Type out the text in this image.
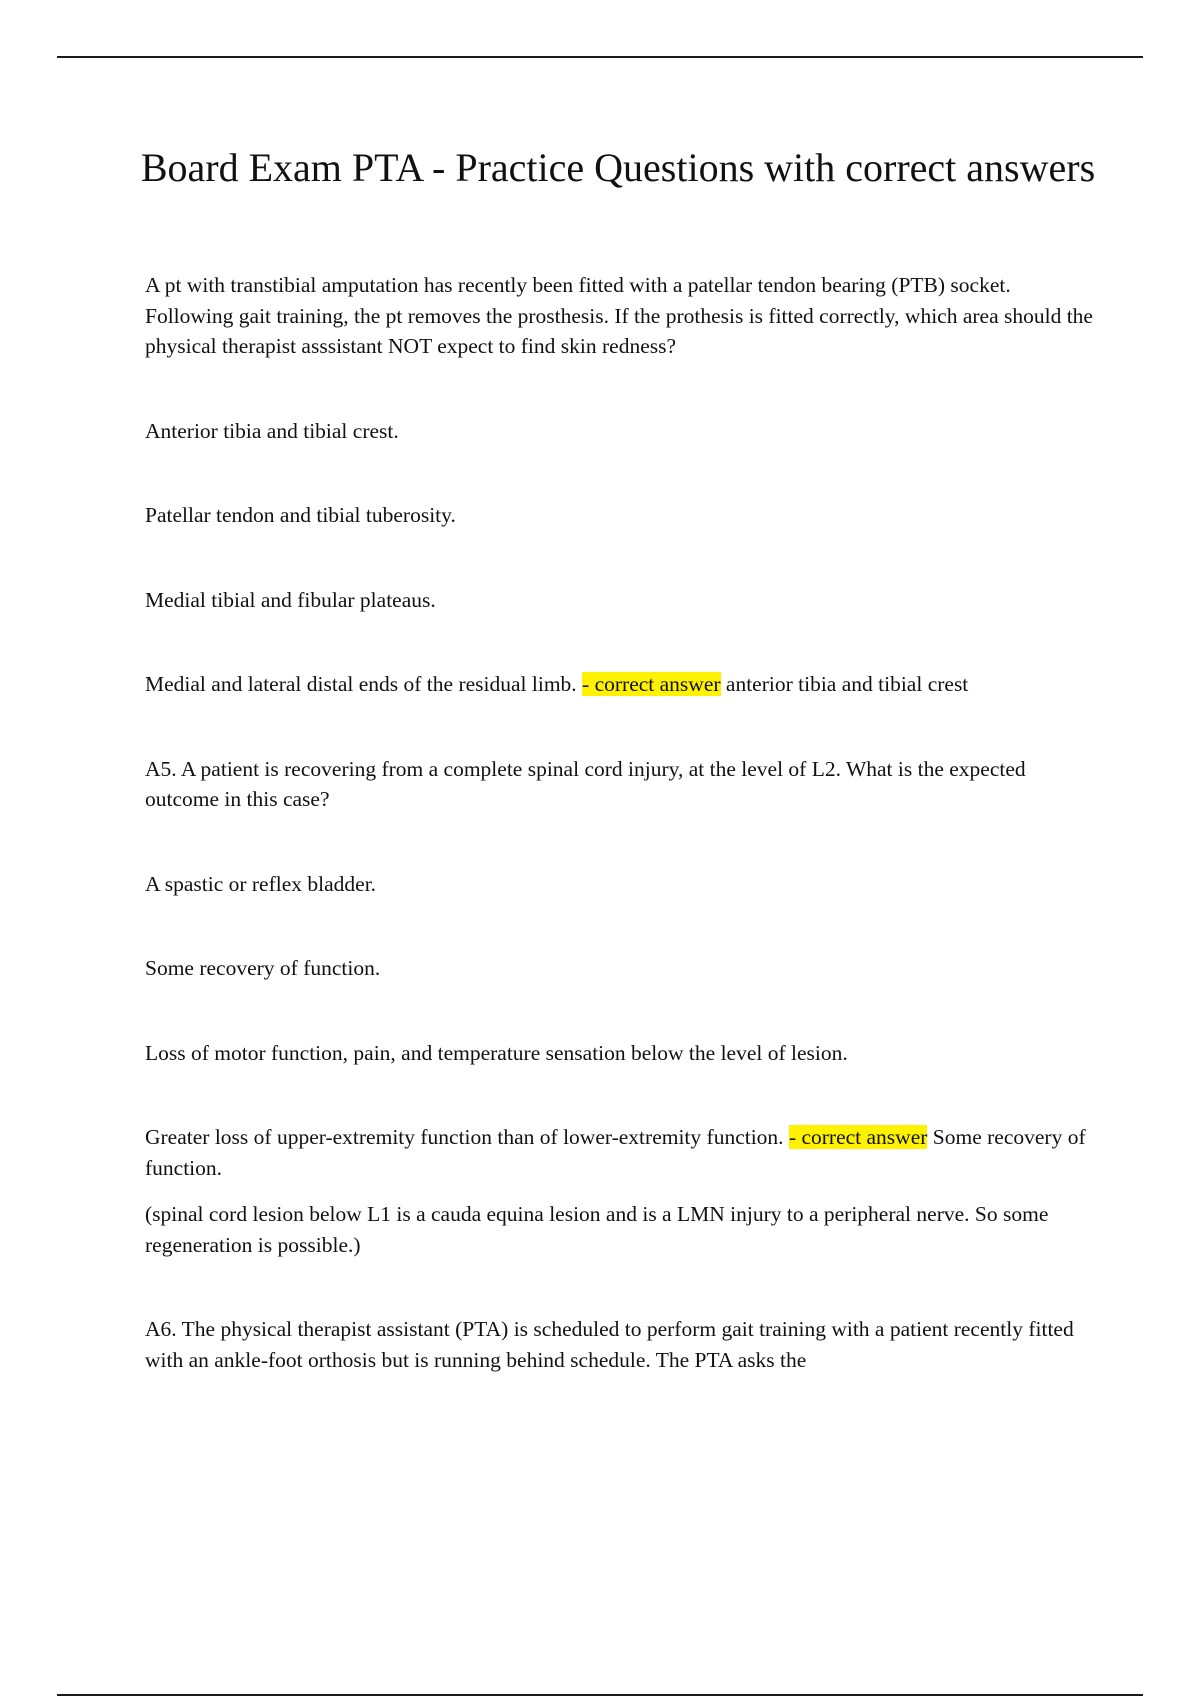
Board Exam PTA - Practice Questions with correct answers

A pt with transtibial amputation has recently been fitted with a patellar tendon bearing (PTB) socket. Following gait training, the pt removes the prosthesis. If the prothesis is fitted correctly, which area should the physical therapist asssistant NOT expect to find skin redness?

Anterior tibia and tibial crest.

Patellar tendon and tibial tuberosity.

Medial tibial and fibular plateaus.

Medial and lateral distal ends of the residual limb. - correct answer anterior tibia and tibial crest

A5. A patient is recovering from a complete spinal cord injury, at the level of L2. What is the expected outcome in this case?

A spastic or reflex bladder.

Some recovery of function.

Loss of motor function, pain, and temperature sensation below the level of lesion.

Greater loss of upper-extremity function than of lower-extremity function. - correct answer Some recovery of function.

(spinal cord lesion below L1 is a cauda equina lesion and is a LMN injury to a peripheral nerve. So some regeneration is possible.)

A6. The physical therapist assistant (PTA) is scheduled to perform gait training with a patient recently fitted with an ankle-foot orthosis but is running behind schedule. The PTA asks the
